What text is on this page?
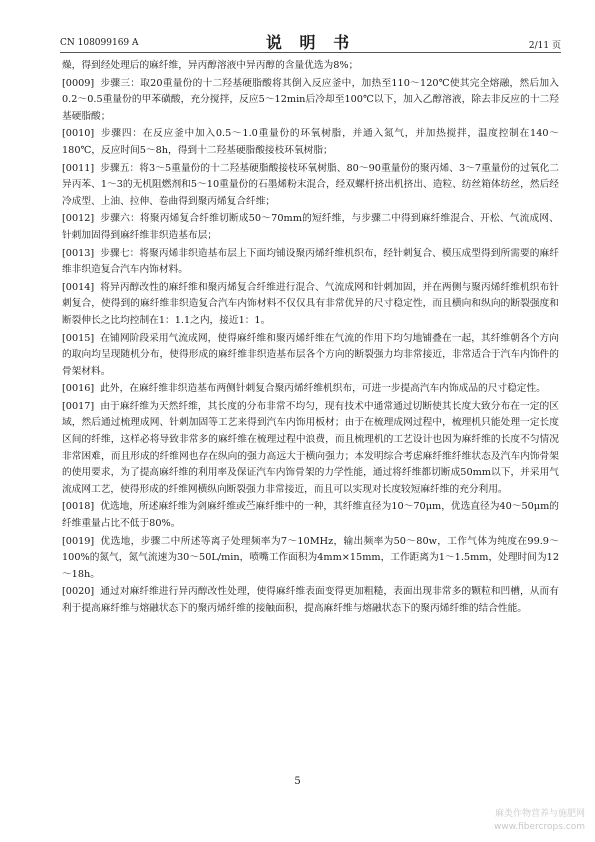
CN 108099169 A	说 明 书	2/11 页

燥，得到经处理后的麻纤维，异丙醇溶液中异丙醇的含量优选为8%；

[0009] 步骤三：取20重量份的十二羟基硬脂酸将其倒入反应釜中，加热至110～120℃使其完全熔融，然后加入0.2～0.5重量份的甲苯磺酸，充分搅拌，反应5～12min后冷却至100℃以下，加入乙醇溶液，除去非反应的十二羟基硬脂酸；

[0010] 步骤四：在反应釜中加入0.5～1.0重量份的环氧树脂，并通入氮气，并加热搅拌，温度控制在140～180℃，反应时间5～8h，得到十二羟基硬脂酸接枝环氧树脂；

[0011] 步骤五：将3～5重量份的十二羟基硬脂酸接枝环氧树脂、80～90重量份的聚丙烯、3～7重量份的过氧化二异丙苯、1～3的无机阻燃剂和5～10重量份的石墨烯粉末混合，经双螺杆挤出机挤出、造粒、纺丝箱体纺丝，然后经冷成型、上油、拉伸、卷曲得到聚丙烯复合纤维；

[0012] 步骤六：将聚丙烯复合纤维切断成50～70mm的短纤维，与步骤二中得到麻纤维混合、开松、气流成网、针刺加固得到麻纤维非织造基布层；

[0013] 步骤七：将聚丙烯非织造基布层上下面均铺设聚丙烯纤维机织布，经针刺复合、模压成型得到所需要的麻纤维非织造复合汽车内饰材料。

[0014] 将异丙醇改性的麻纤维和聚丙烯复合纤维进行混合、气流成网和针刺加固，并在两侧与聚丙烯纤维机织布针刺复合，使得到的麻纤维非织造复合汽车内饰材料不仅仅具有非常优异的尺寸稳定性，而且横向和纵向的断裂强度和断裂伸长之比均控制在1：1.1之内，接近1：1。

[0015] 在铺网阶段采用气流成网，使得麻纤维和聚丙烯纤维在气流的作用下均匀地铺叠在一起，其纤维朝各个方向的取向均呈现随机分布，使得形成的麻纤维非织造基布层各个方向的断裂强力均非常接近，非常适合于汽车内饰件的骨架材料。

[0016] 此外，在麻纤维非织造基布两侧针刺复合聚丙烯纤维机织布，可进一步提高汽车内饰成品的尺寸稳定性。

[0017] 由于麻纤维为天然纤维，其长度的分布非常不均匀，现有技术中通常通过切断使其长度大致分布在一定的区域，然后通过梳理成网、针刺加固等工艺来得到汽车内饰用板材；由于在梳理成网过程中，梳理机只能处理一定长度区间的纤维，这样必将导致非常多的麻纤维在梳理过程中浪费，而且梳理机的工艺设计也因为麻纤维的长度不匀情况非常困难，而且形成的纤维网也存在纵向的强力高远大于横向强力；本发明综合考虑麻纤维纤维状态及汽车内饰骨架的使用要求，为了提高麻纤维的利用率及保证汽车内饰骨架的力学性能，通过将纤维都切断成50mm以下，并采用气流成网工艺，使得形成的纤维网横纵向断裂强力非常接近，而且可以实现对长度较短麻纤维的充分利用。

[0018] 优选地，所述麻纤维为剑麻纤维或苎麻纤维中的一种，其纤维直径为10～70μm，优选直径为40～50μm的纤维重量占比不低于80%。

[0019] 优选地，步骤二中所述等离子处理频率为7～10MHz，输出频率为50～80w，工作气体为纯度在99.9～100%的氮气，氮气流速为30～50L/min，喷嘴工作面积为4mm×15mm，工作距离为1～1.5mm，处理时间为12～18h。

[0020] 通过对麻纤维进行异丙醇改性处理，使得麻纤维表面变得更加粗糙，表面出现非常多的颗粒和凹槽，从而有利于提高麻纤维与熔融状态下的聚丙烯纤维的接触面积，提高麻纤维与熔融状态下的聚丙烯纤维的结合性能。

5
麻类作物营养与施肥网
www.fibercrops.com
